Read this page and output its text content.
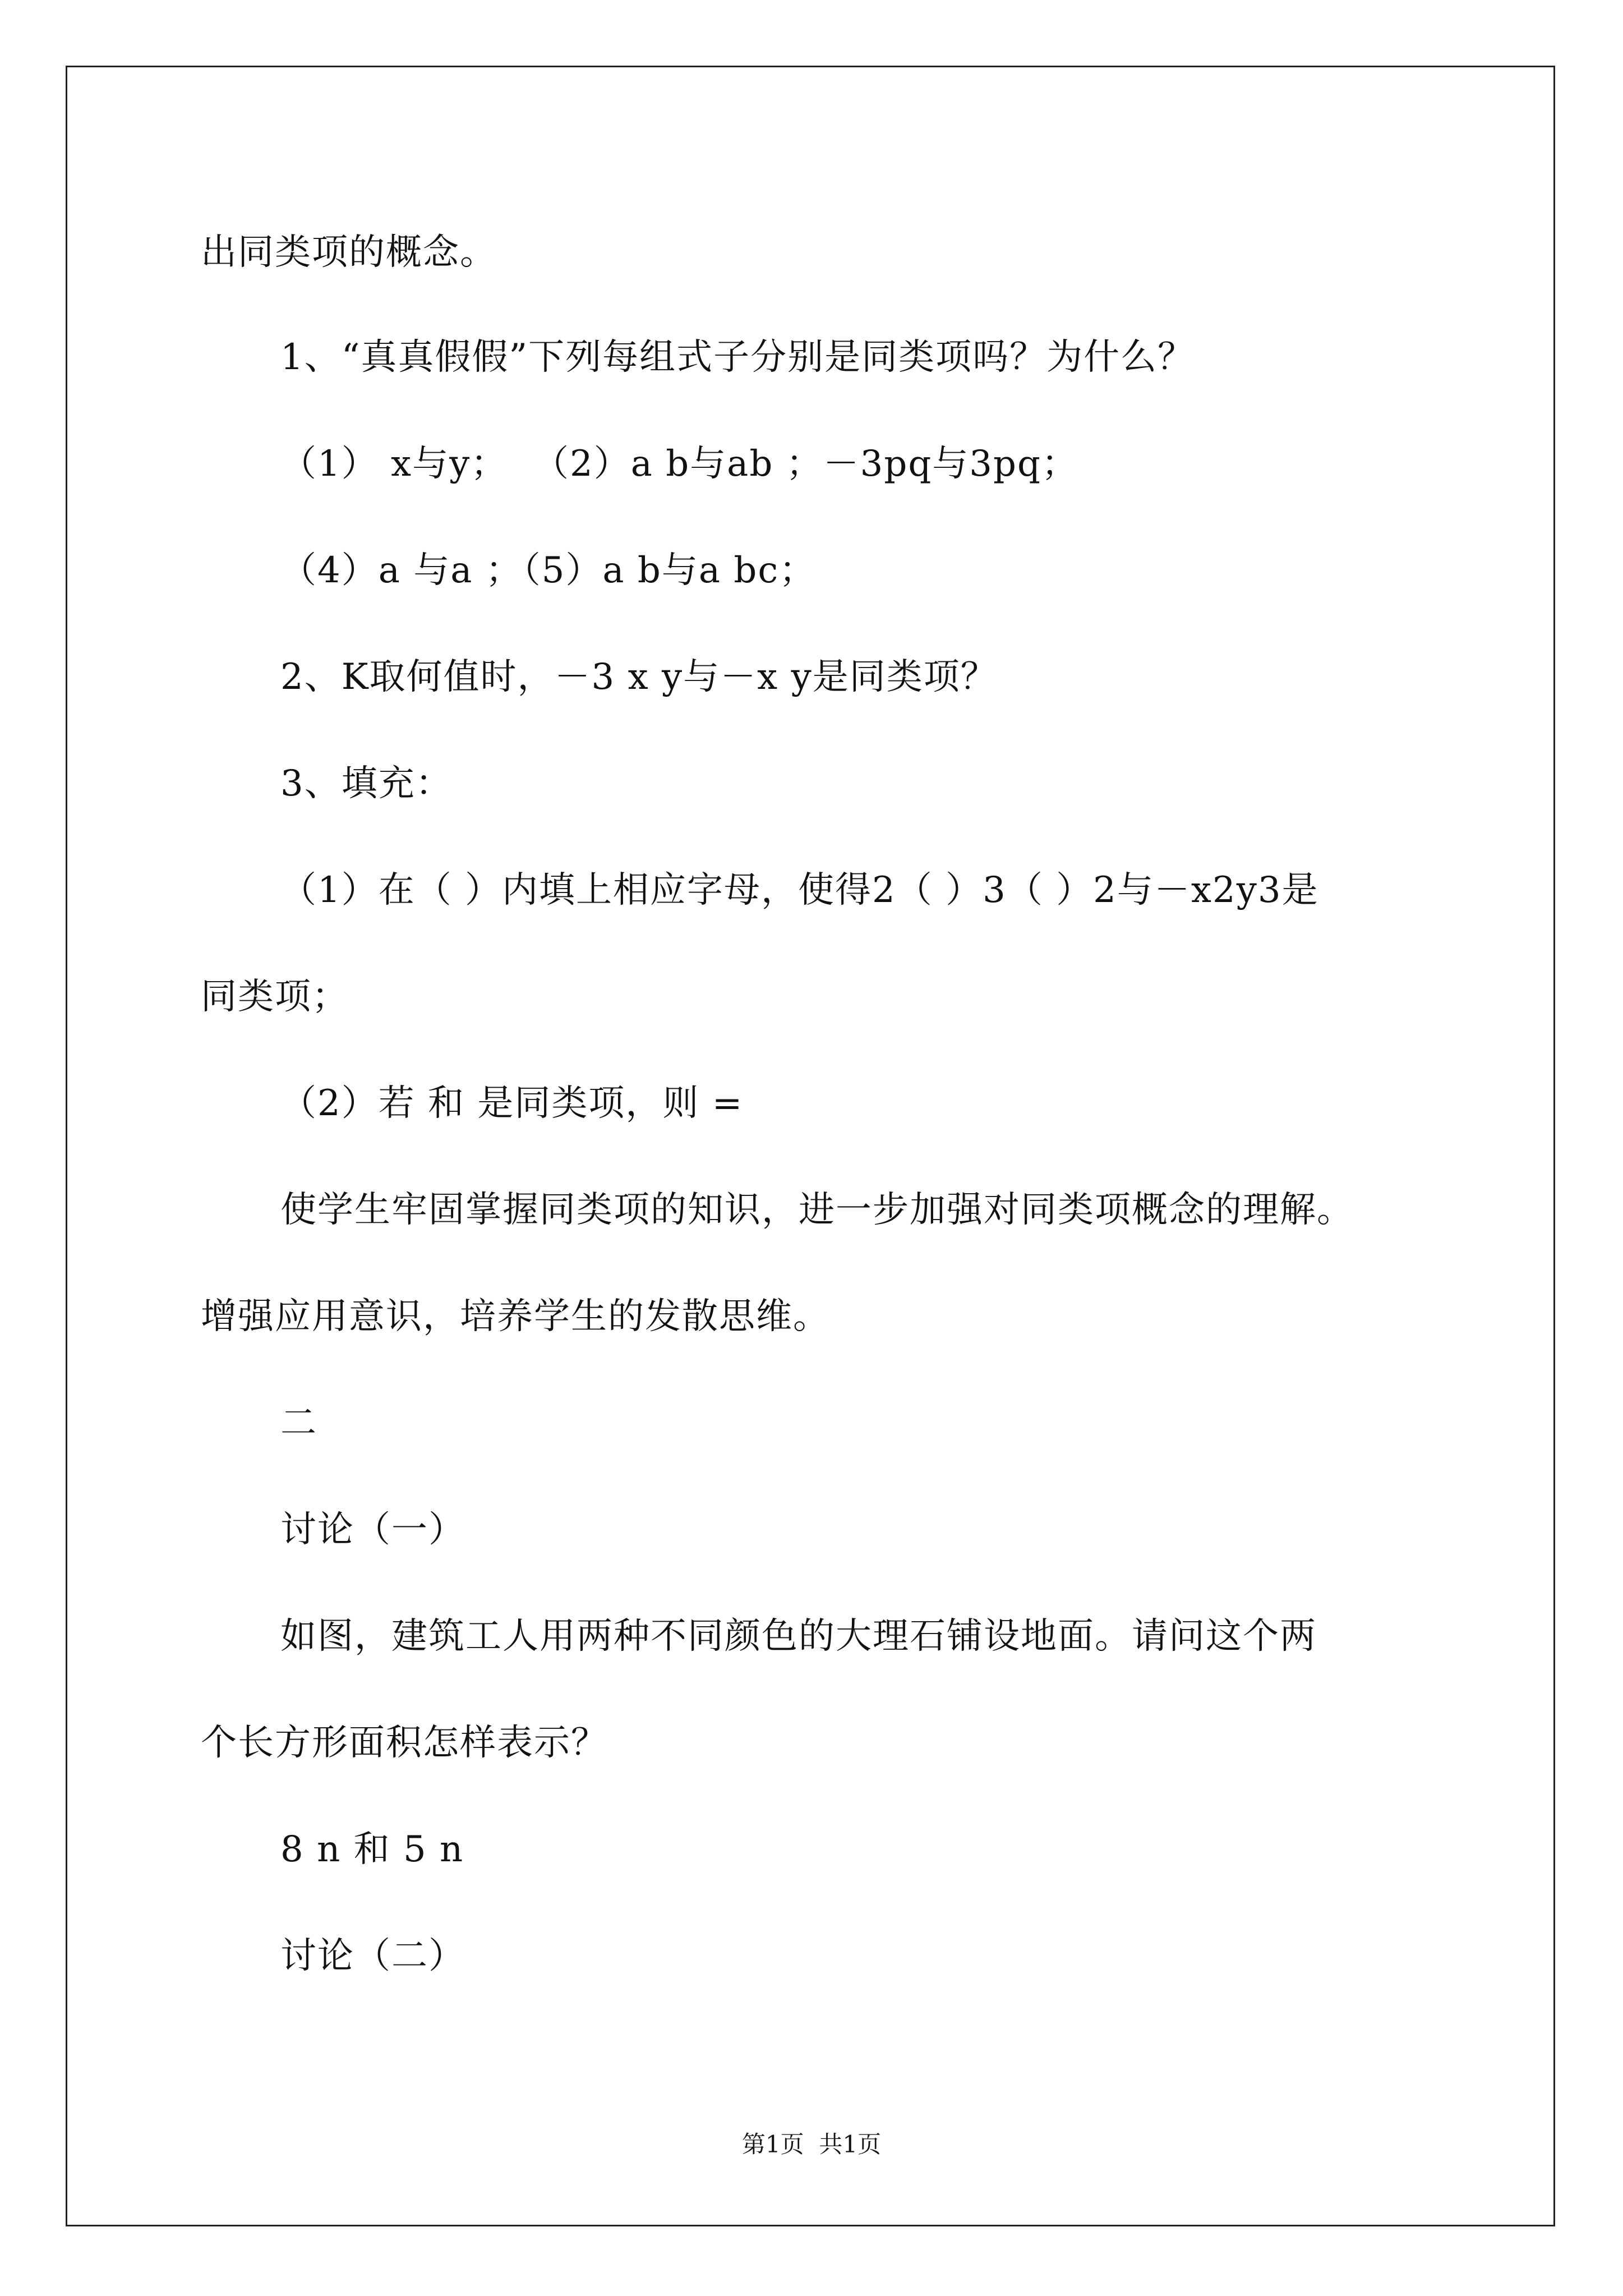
出同类项的概念。
1、“真真假假”下列每组式子分别是同类项吗？为什么？
（1） x与y；  （2）a b与ab ；－3pq与3pq；
（4）a 与a ；（5）a b与a bc；
2、K取何值时，－3 x y与－x y是同类项？
3、填充：
（1）在（ ）内填上相应字母，使得2（ ）3（ ）2与－x2y3是
同类项；
（2）若 和 是同类项，则 =
使学生牢固掌握同类项的知识，进一步加强对同类项概念的理解。
增强应用意识，培养学生的发散思维。
二
讨论（一）
如图，建筑工人用两种不同颜色的大理石铺设地面。请问这个两
个长方形面积怎样表示？
8 n 和 5 n
讨论（二）
第1页  共1页
